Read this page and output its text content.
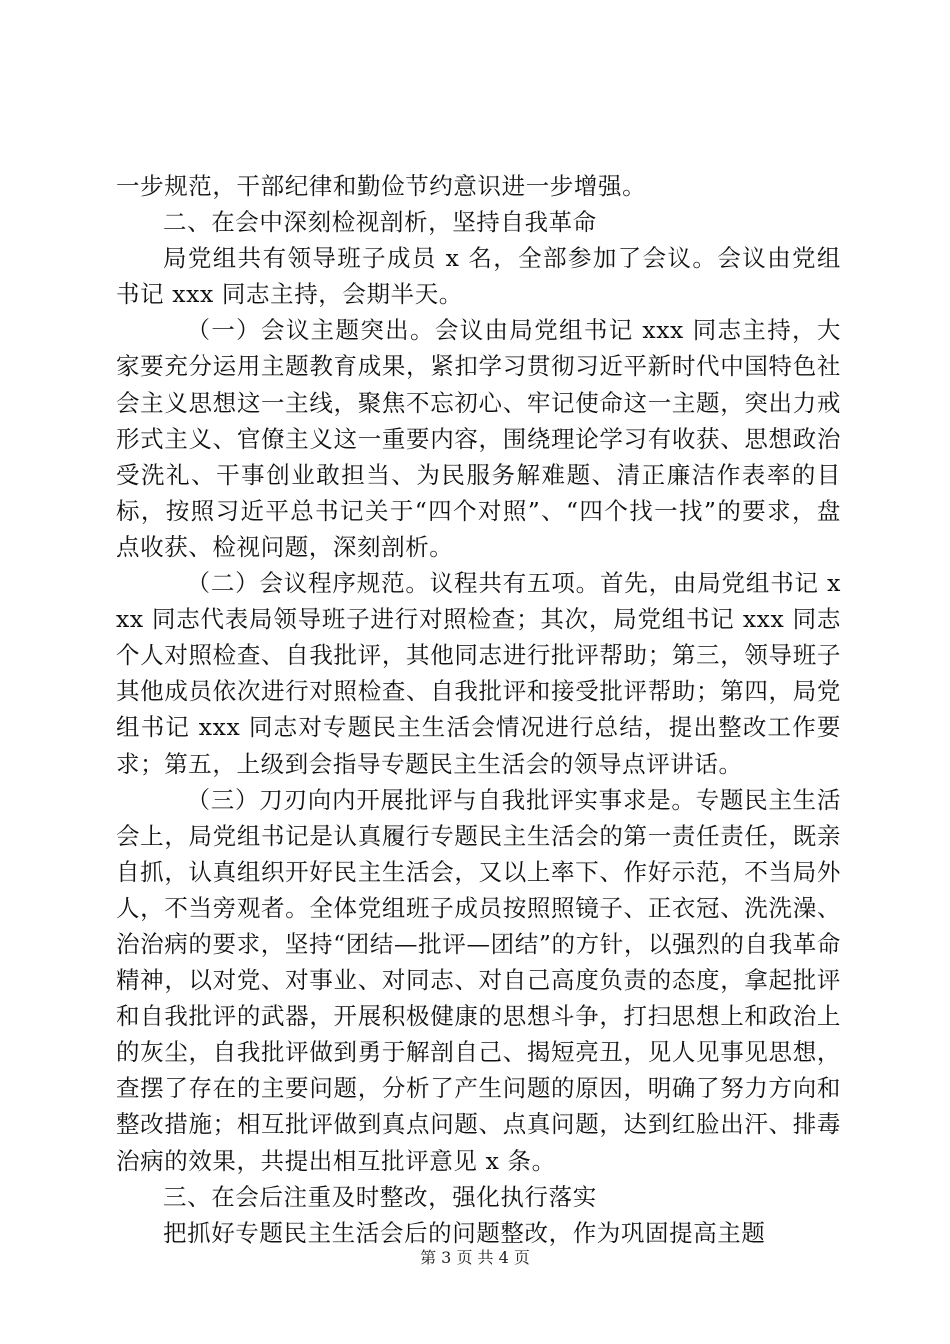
一步规范，干部纪律和勤俭节约意识进一步增强。

二、在会中深刻检视剖析，坚持自我革命

局党组共有领导班子成员 x 名，全部参加了会议。会议由党组书记 xxx 同志主持，会期半天。

（一）会议主题突出。会议由局党组书记 xxx 同志主持，大家要充分运用主题教育成果，紧扣学习贯彻习近平新时代中国特色社会主义思想这一主线，聚焦不忘初心、牢记使命这一主题，突出力戒形式主义、官僚主义这一重要内容，围绕理论学习有收获、思想政治受洗礼、干事创业敢担当、为民服务解难题、清正廉洁作表率的目标，按照习近平总书记关于“四个对照”、“四个找一找”的要求，盘点收获、检视问题，深刻剖析。

（二）会议程序规范。议程共有五项。首先，由局党组书记 xxx 同志代表局领导班子进行对照检查；其次，局党组书记 xxx 同志个人对照检查、自我批评，其他同志进行批评帮助；第三，领导班子其他成员依次进行对照检查、自我批评和接受批评帮助；第四，局党组书记 xxx 同志对专题民主生活会情况进行总结，提出整改工作要求；第五，上级到会指导专题民主生活会的领导点评讲话。

（三）刀刃向内开展批评与自我批评实事求是。专题民主生活会上，局党组书记是认真履行专题民主生活会的第一责任责任，既亲自抓，认真组织开好民主生活会，又以上率下、作好示范，不当局外人，不当旁观者。全体党组班子成员按照照镜子、正衣冠、洗洗澡、治治病的要求，坚持“团结—批评—团结”的方针，以强烈的自我革命精神，以对党、对事业、对同志、对自己高度负责的态度，拿起批评和自我批评的武器，开展积极健康的思想斗争，打扫思想上和政治上的灰尘，自我批评做到勇于解剖自己、揭短亮丑，见人见事见思想，查摆了存在的主要问题，分析了产生问题的原因，明确了努力方向和整改措施；相互批评做到真点问题、点真问题，达到红脸出汗、排毒治病的效果，共提出相互批评意见 x 条。

三、在会后注重及时整改，强化执行落实

把抓好专题民主生活会后的问题整改，作为巩固提高主题

第 3 页 共 4 页
